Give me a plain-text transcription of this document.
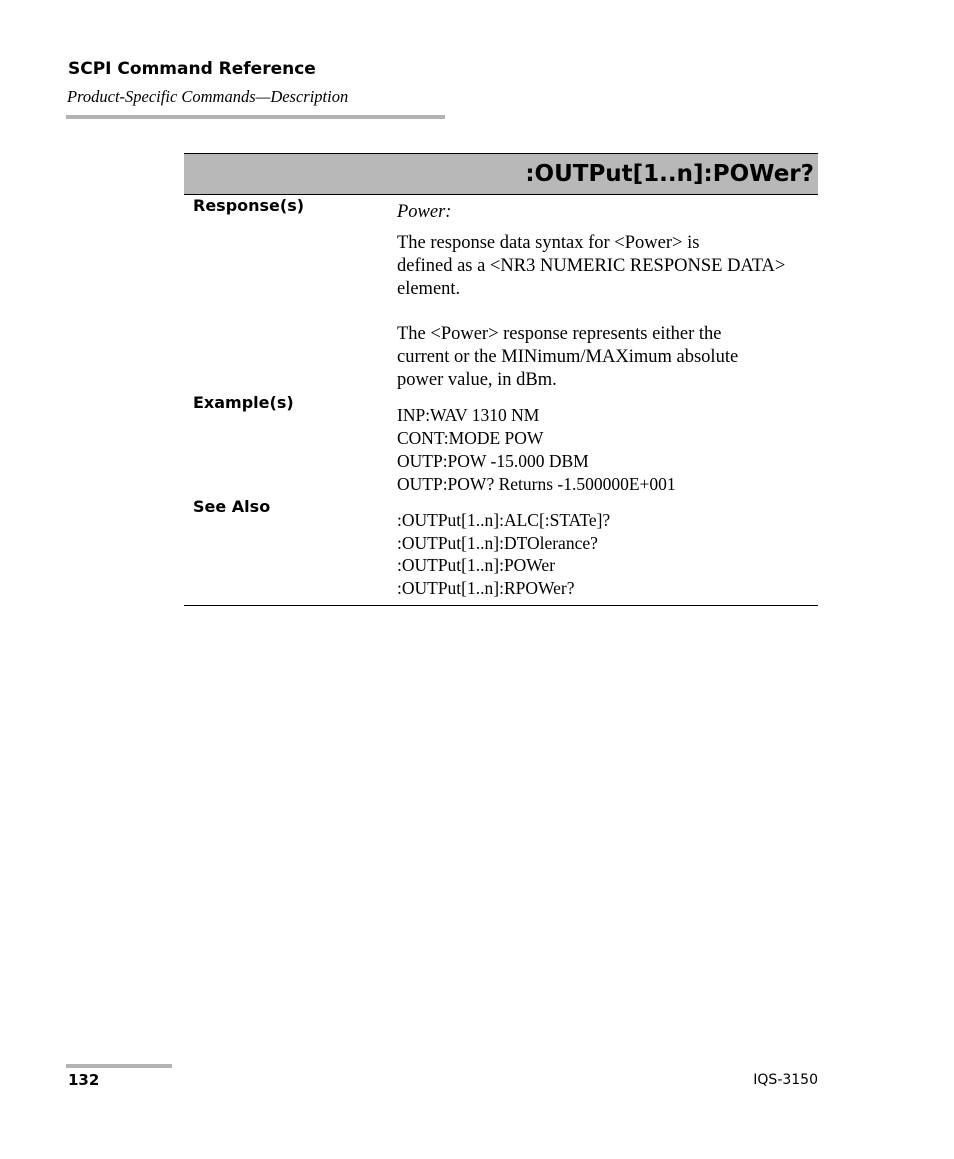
SCPI Command Reference
Product-Specific Commands—Description
:OUTPut[1..n]:POWer?
Response(s)	Power:
The response data syntax for <Power> is
defined as a <NR3 NUMERIC RESPONSE DATA>
element.
The <Power> response represents either the
current or the MINimum/MAXimum absolute
power value, in dBm.
Example(s)
INP:WAV 1310 NM
CONT:MODE POW
OUTP:POW -15.000 DBM
OUTP:POW? Returns -1.500000E+001
See Also
:OUTPut[1..n]:ALC[:STATe]?
:OUTPut[1..n]:DTOlerance?
:OUTPut[1..n]:POWer
:OUTPut[1..n]:RPOWer?
132	IQS-3150
